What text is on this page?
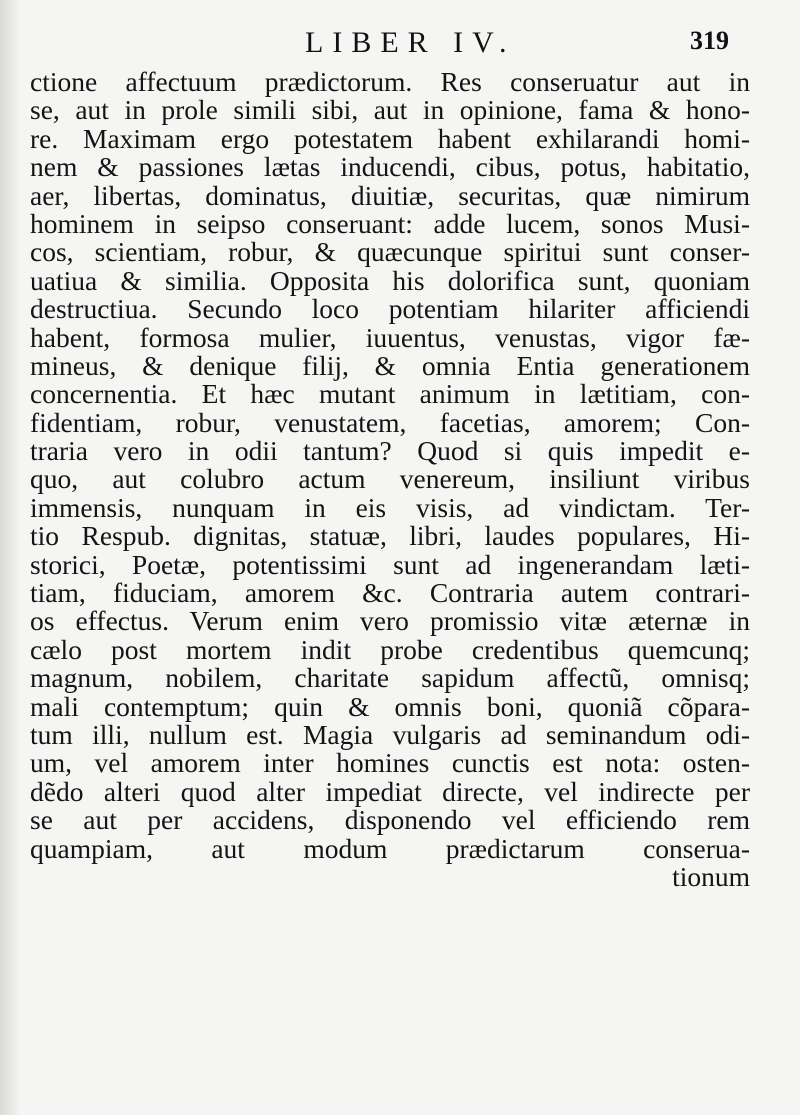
LIBER IV.	319
ctione affectuum prædictorum. Res conseruatur aut in
se, aut in prole simili sibi, aut in opinione, fama & hono-
re. Maximam ergo potestatem habent exhilarandi homi-
nem & passiones lætas inducendi, cibus, potus, habitatio,
aer, libertas, dominatus, diuitiæ, securitas, quæ nimirum
hominem in seipso conseruant: adde lucem, sonos Musi-
cos, scientiam, robur, & quæcunque spiritui sunt conser-
uatiua & similia. Opposita his dolorifica sunt, quoniam
destructiua. Secundo loco potentiam hilariter afficiendi
habent, formosa mulier, iuuentus, venustas, vigor fæ-
mineus, & denique filij, & omnia Entia generationem
concernentia. Et hæc mutant animum in lætitiam, con-
fidentiam, robur, venustatem, facetias, amorem; Con-
traria vero in odii tantum? Quod si quis impedit e-
quo, aut colubro actum venereum, insiliunt viribus
immensis, nunquam in eis visis, ad vindictam. Ter-
tio Respub. dignitas, statuæ, libri, laudes populares, Hi-
storici, Poetæ, potentissimi sunt ad ingenerandam læti-
tiam, fiduciam, amorem &c. Contraria autem contrari-
os effectus. Verum enim vero promissio vitæ æternæ in
cælo post mortem indit probe credentibus quemcunq;
magnum, nobilem, charitate sapidum affectũ, omnisq;
mali contemptum; quin & omnis boni, quoniã cõpara-
tum illi, nullum est. Magia vulgaris ad seminandum odi-
um, vel amorem inter homines cunctis est nota: osten-
dẽdo alteri quod alter impediat directe, vel indirecte per
se aut per accidens, disponendo vel efficiendo rem
quampiam, aut modum prædictarum conserua-
tionum
